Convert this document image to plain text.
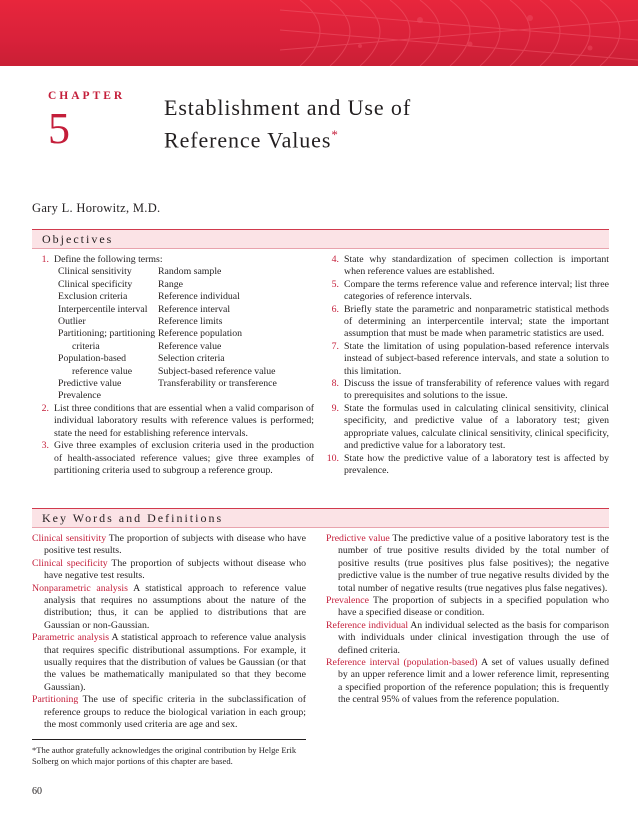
CHAPTER
5	Establishment and Use of
Reference Values*
Gary L. Horowitz, M.D.
Objectives
1. Define the following terms:
Clinical sensitivity	Random sample
Clinical specificity	Range
Exclusion criteria	Reference individual
Interpercentile interval	Reference interval
Outlier	Reference limits
Partitioning; partitioning	Reference population
criteria	Reference value
Population-based	Selection criteria
reference value	Subject-based reference value
Predictive value	Transferability or transference
Prevalence	
2. List three conditions that are essential when a valid comparison of individual laboratory results with reference values is performed; state the need for establishing reference intervals.
3. Give three examples of exclusion criteria used in the production of health-associated reference values; give three examples of partitioning criteria used to subgroup a reference group.
4. State why standardization of specimen collection is important when reference values are established.
5. Compare the terms reference value and reference interval; list three categories of reference intervals.
6. Briefly state the parametric and nonparametric statistical methods of determining an interpercentile interval; state the important assumption that must be made when parametric statistics are used.
7. State the limitation of using population-based reference intervals instead of subject-based reference intervals, and state a solution to this limitation.
8. Discuss the issue of transferability of reference values with regard to prerequisites and solutions to the issue.
9. State the formulas used in calculating clinical sensitivity, clinical specificity, and predictive value of a laboratory test; given appropriate values, calculate clinical sensitivity, clinical specificity, and predictive value for a laboratory test.
10. State how the predictive value of a laboratory test is affected by prevalence.
Key Words and Definitions

Clinical sensitivity The proportion of subjects with disease who have positive test results.

Clinical specificity The proportion of subjects without disease who have negative test results.

Nonparametric analysis A statistical approach to reference value analysis that requires no assumptions about the nature of the distribution; thus, it can be applied to distributions that are Gaussian or non-Gaussian.

Parametric analysis A statistical approach to reference value analysis that requires specific distributional assumptions. For example, it usually requires that the distribution of values be Gaussian (or that the values be mathematically manipulated so that they become Gaussian).

Partitioning The use of specific criteria in the subclassification of reference groups to reduce the biological variation in each group; the most commonly used criteria are age and sex.

Predictive value The predictive value of a positive laboratory test is the number of true positive results divided by the total number of positive results (true positives plus false positives); the negative predictive value is the number of true negative results divided by the total number of negative results (true negatives plus false negatives).

Prevalence The proportion of subjects in a specified population who have a specified disease or condition.

Reference individual An individual selected as the basis for comparison with individuals under clinical investigation through the use of defined criteria.

Reference interval (population-based) A set of values usually defined by an upper reference limit and a lower reference limit, representing a specified proportion of the reference population; this is frequently the central 95% of values from the reference population.

*The author gratefully acknowledges the original contribution by Helge Erik Solberg on which major portions of this chapter are based.
60
